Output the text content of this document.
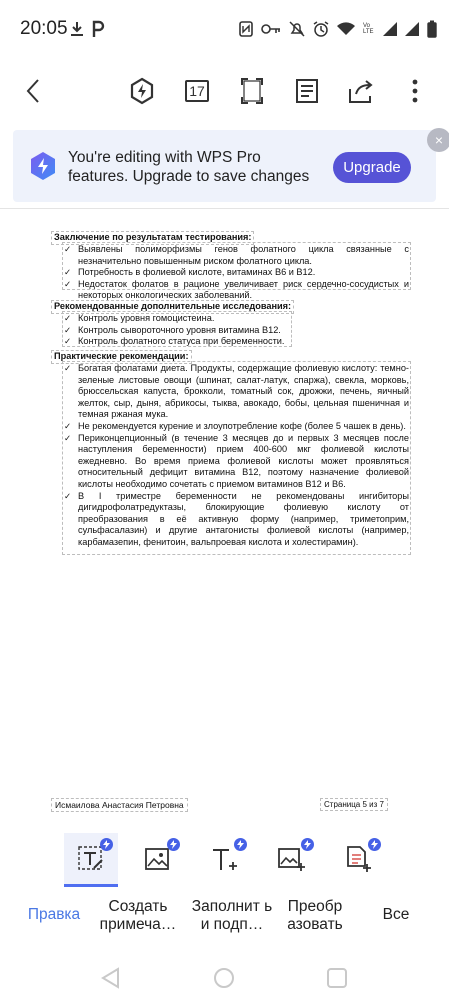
20:05	Vo LTE
17
You're editing with WPS Pro features. Upgrade to save changes
Upgrade
×
Заключение по результатам тестирования:
✓ Выявлены полиморфизмы генов фолатного цикла связанные с незначительно повышенным риском фолатного цикла.
✓ Потребность в фолиевой кислоте, витаминах B6 и B12.
✓ Недостаток фолатов в рационе увеличивает риск сердечно-сосудистых и некоторых онкологических заболеваний.
Рекомендованные дополнительные исследования:
✓ Контроль уровня гомоцистеина.
✓ Контроль сывороточного уровня витамина B12.
✓ Контроль фолатного статуса при беременности.
Практические рекомендации:
✓ Богатая фолатами диета. Продукты, содержащие фолиевую кислоту: темно-зеленые листовые овощи (шпинат, салат-латук, спаржа), свекла, морковь, брюссельская капуста, брокколи, томатный сок, дрожжи, печень, яичный желток, сыр, дыня, абрикосы, тыква, авокадо, бобы, цельная пшеничная и темная ржаная мука.
✓ Не рекомендуется курение и злоупотребление кофе (более 5 чашек в день).
✓ Периконцепционный (в течение 3 месяцев до и первых 3 месяцев после наступления беременности) прием 400-600 мкг фолиевой кислоты ежедневно. Во время приема фолиевой кислоты может проявляться относительный дефицит витамина B12, поэтому назначение фолиевой кислоты необходимо сочетать с приемом витаминов B12 и B6.
✓ В I триместре беременности не рекомендованы ингибиторы дигидрофолатредуктазы, блокирующие фолиевую кислоту от преобразования в её активную форму (например, триметоприм, сульфасалазин) и другие антагонисты фолиевой кислоты (например, карбамазепин, фенитоин, вальпроевая кислота и холестирамин).
Исмаилова Анастасия Петровна	Страница 5 из 7
Правка	Создать примеча…
Заполнит ь и подп…
Преобр азовать
Все
